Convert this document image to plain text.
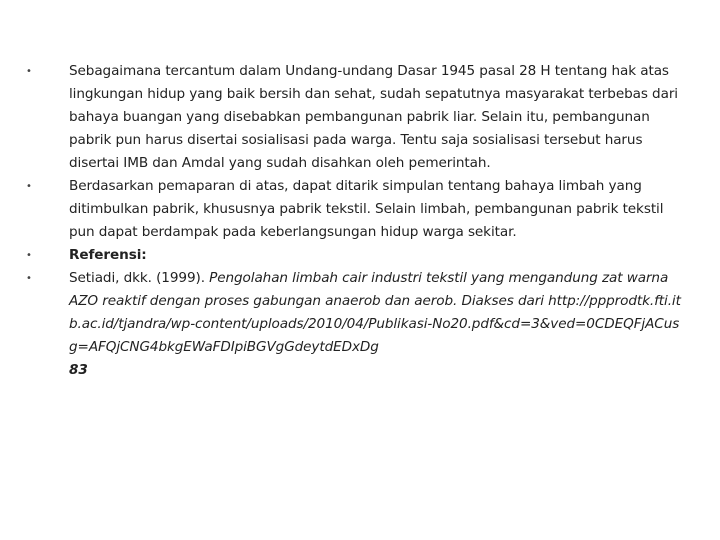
•	Sebagaimana tercantum dalam Undang-undang Dasar 1945 pasal 28 H tentang hak atas lingkungan hidup yang baik bersih dan sehat, sudah sepatutnya masyarakat terbebas dari bahaya buangan yang disebabkan pembangunan pabrik liar. Selain itu, pembangunan pabrik pun harus disertai sosialisasi pada warga. Tentu saja sosialisasi tersebut harus disertai IMB dan Amdal yang sudah disahkan oleh pemerintah.
•	Berdasarkan pemaparan di atas, dapat ditarik simpulan tentang bahaya limbah yang ditimbulkan pabrik, khususnya pabrik tekstil. Selain limbah, pembangunan pabrik tekstil pun dapat berdampak pada keberlangsungan hidup warga sekitar.
•	Referensi:
•	Setiadi, dkk. (1999). Pengolahan limbah cair industri tekstil yang mengandung zat warna AZO reaktif dengan proses gabungan anaerob dan aerob. Diakses dari http://ppprodtk.fti.itb.ac.id/tjandra/wp-content/uploads/2010/04/Publikasi-No20.pdf&cd=3&ved=0CDEQFjACusg=AFQjCNG4bkgEWaFDIpiBGVgGdeytdEDxDg
83
